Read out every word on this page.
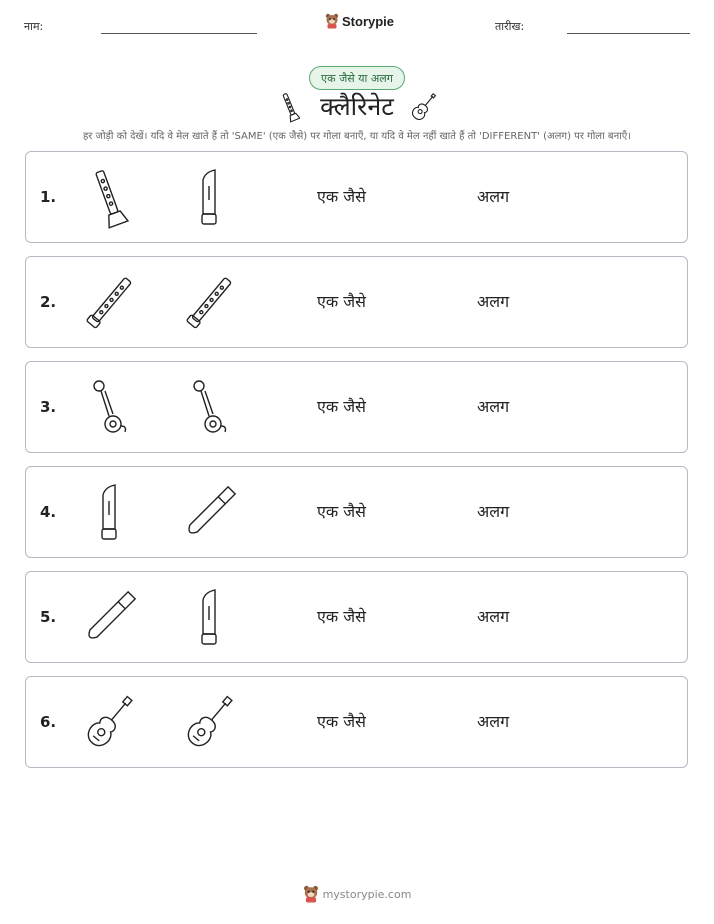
नाम:	Storypie	तारीख:
एक जैसे या अलग
क्लैरिनेट
हर जोड़ी को देखें। यदि वे मेल खाते हैं तो 'SAME' (एक जैसे) पर गोला बनाएँ, या यदि वे मेल नहीं खाते हैं तो 'DIFFERENT' (अलग) पर गोला बनाएँ।
1.	एक जैसे	अलग
2.	एक जैसे	अलग
3.	एक जैसे	अलग
4.	एक जैसे	अलग
5.	एक जैसे	अलग
6.	एक जैसे	अलग
mystorypie.com
